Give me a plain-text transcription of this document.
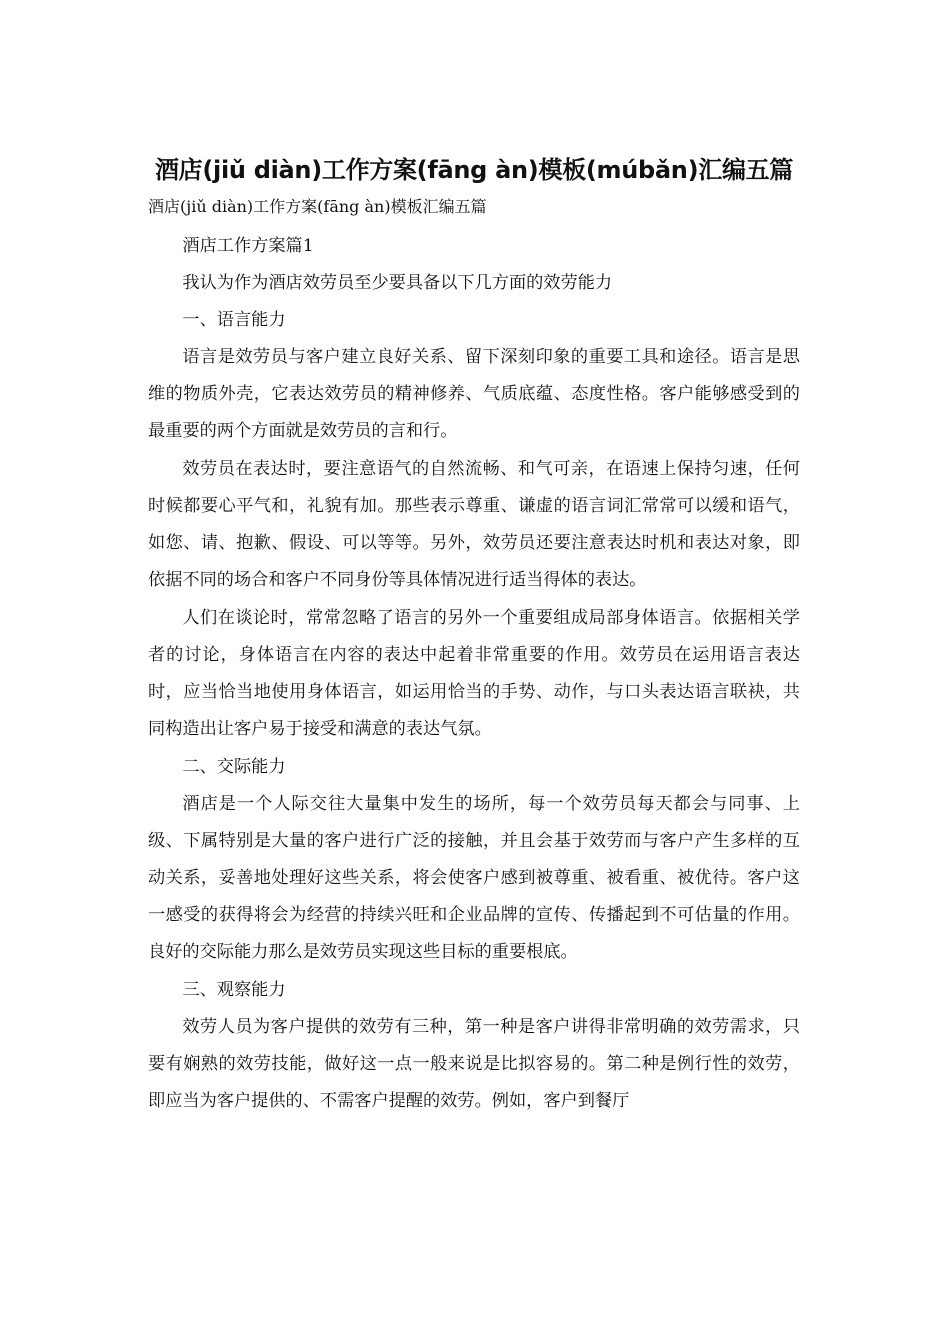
酒店(jiǔ diàn)工作方案(fāng àn)模板(múbǎn)汇编五篇

酒店(jiǔ diàn)工作方案(fāng àn)模板汇编五篇

酒店工作方案篇1

我认为作为酒店效劳员至少要具备以下几方面的效劳能力

一、语言能力

语言是效劳员与客户建立良好关系、留下深刻印象的重要工具和途径。语言是思维的物质外壳，它表达效劳员的精神修养、气质底蕴、态度性格。客户能够感受到的最重要的两个方面就是效劳员的言和行。

效劳员在表达时，要注意语气的自然流畅、和气可亲，在语速上保持匀速，任何时候都要心平气和，礼貌有加。那些表示尊重、谦虚的语言词汇常常可以缓和语气，如您、请、抱歉、假设、可以等等。另外，效劳员还要注意表达时机和表达对象，即依据不同的场合和客户不同身份等具体情况进行适当得体的表达。

人们在谈论时，常常忽略了语言的另外一个重要组成局部身体语言。依据相关学者的讨论，身体语言在内容的表达中起着非常重要的作用。效劳员在运用语言表达时，应当恰当地使用身体语言，如运用恰当的手势、动作，与口头表达语言联袂，共同构造出让客户易于接受和满意的表达气氛。

二、交际能力

酒店是一个人际交往大量集中发生的场所，每一个效劳员每天都会与同事、上级、下属特别是大量的客户进行广泛的接触，并且会基于效劳而与客户产生多样的互动关系，妥善地处理好这些关系，将会使客户感到被尊重、被看重、被优待。客户这一感受的获得将会为经营的持续兴旺和企业品牌的宣传、传播起到不可估量的作用。良好的交际能力那么是效劳员实现这些目标的重要根底。

三、观察能力

效劳人员为客户提供的效劳有三种，第一种是客户讲得非常明确的效劳需求，只要有娴熟的效劳技能，做好这一点一般来说是比拟容易的。第二种是例行性的效劳，即应当为客户提供的、不需客户提醒的效劳。例如，客户到餐厅
